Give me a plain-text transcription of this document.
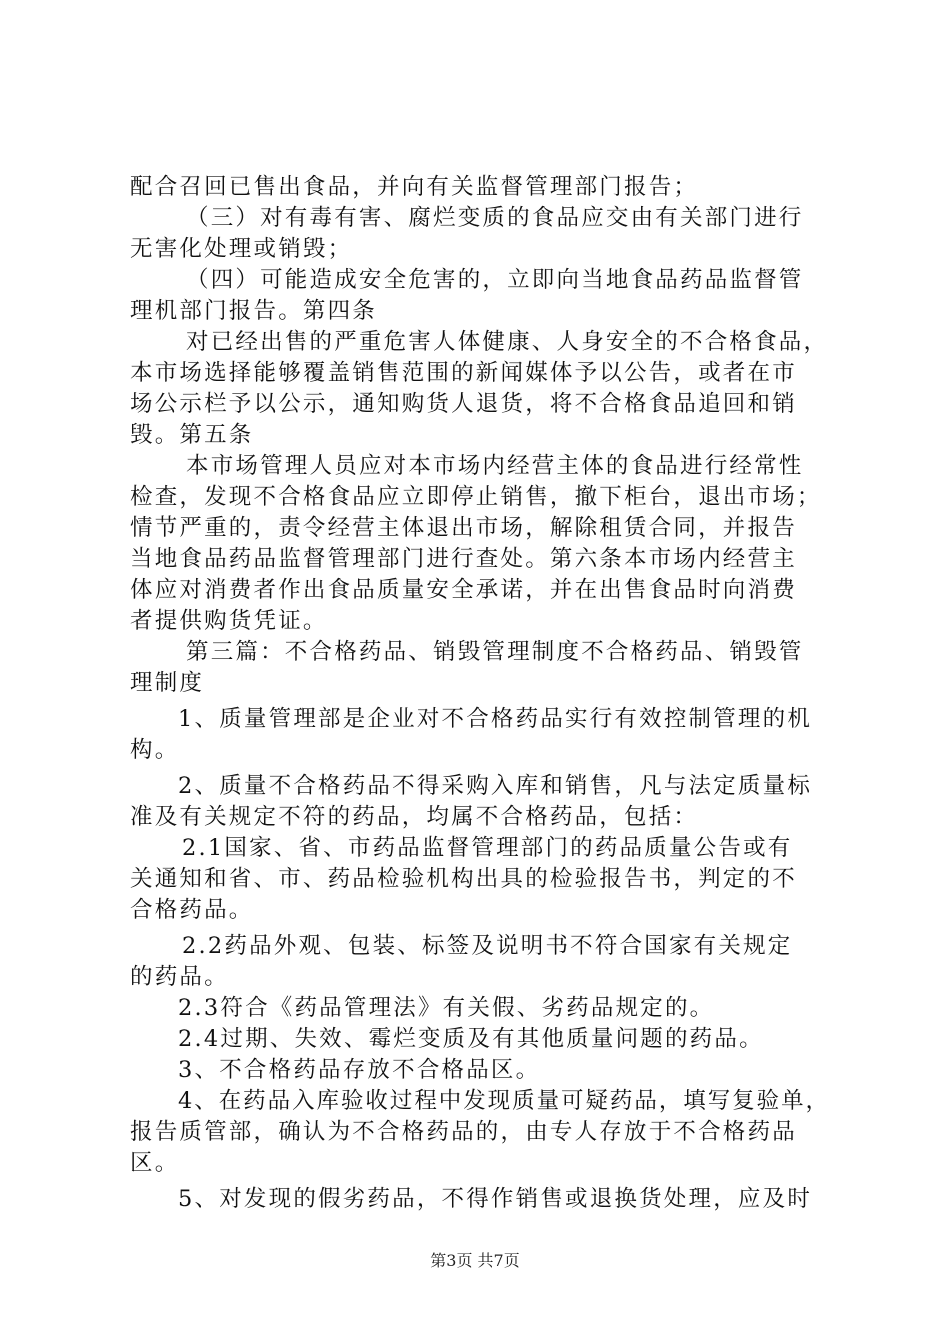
配合召回已售出食品，并向有关监督管理部门报告；
（三）对有毒有害、腐烂变质的食品应交由有关部门进行
无害化处理或销毁；
（四）可能造成安全危害的，立即向当地食品药品监督管
理机部门报告。第四条
对已经出售的严重危害人体健康、人身安全的不合格食品，
本市场选择能够覆盖销售范围的新闻媒体予以公告，或者在市
场公示栏予以公示，通知购货人退货，将不合格食品追回和销
毁。第五条
本市场管理人员应对本市场内经营主体的食品进行经常性
检查，发现不合格食品应立即停止销售，撤下柜台，退出市场；
情节严重的，责令经营主体退出市场，解除租赁合同，并报告
当地食品药品监督管理部门进行查处。第六条本市场内经营主
体应对消费者作出食品质量安全承诺，并在出售食品时向消费
者提供购货凭证。
第三篇：不合格药品、销毁管理制度不合格药品、销毁管
理制度
1、质量管理部是企业对不合格药品实行有效控制管理的机
构。
2、质量不合格药品不得采购入库和销售，凡与法定质量标
准及有关规定不符的药品，均属不合格药品，包括：
2.1国家、省、市药品监督管理部门的药品质量公告或有
关通知和省、市、药品检验机构出具的检验报告书，判定的不
合格药品。
2.2药品外观、包装、标签及说明书不符合国家有关规定
的药品。
2.3符合《药品管理法》有关假、劣药品规定的。
2.4过期、失效、霉烂变质及有其他质量问题的药品。
3、不合格药品存放不合格品区。
4、在药品入库验收过程中发现质量可疑药品，填写复验单，
报告质管部，确认为不合格药品的，由专人存放于不合格药品
区。
5、对发现的假劣药品，不得作销售或退换货处理，应及时
第3页 共7页
